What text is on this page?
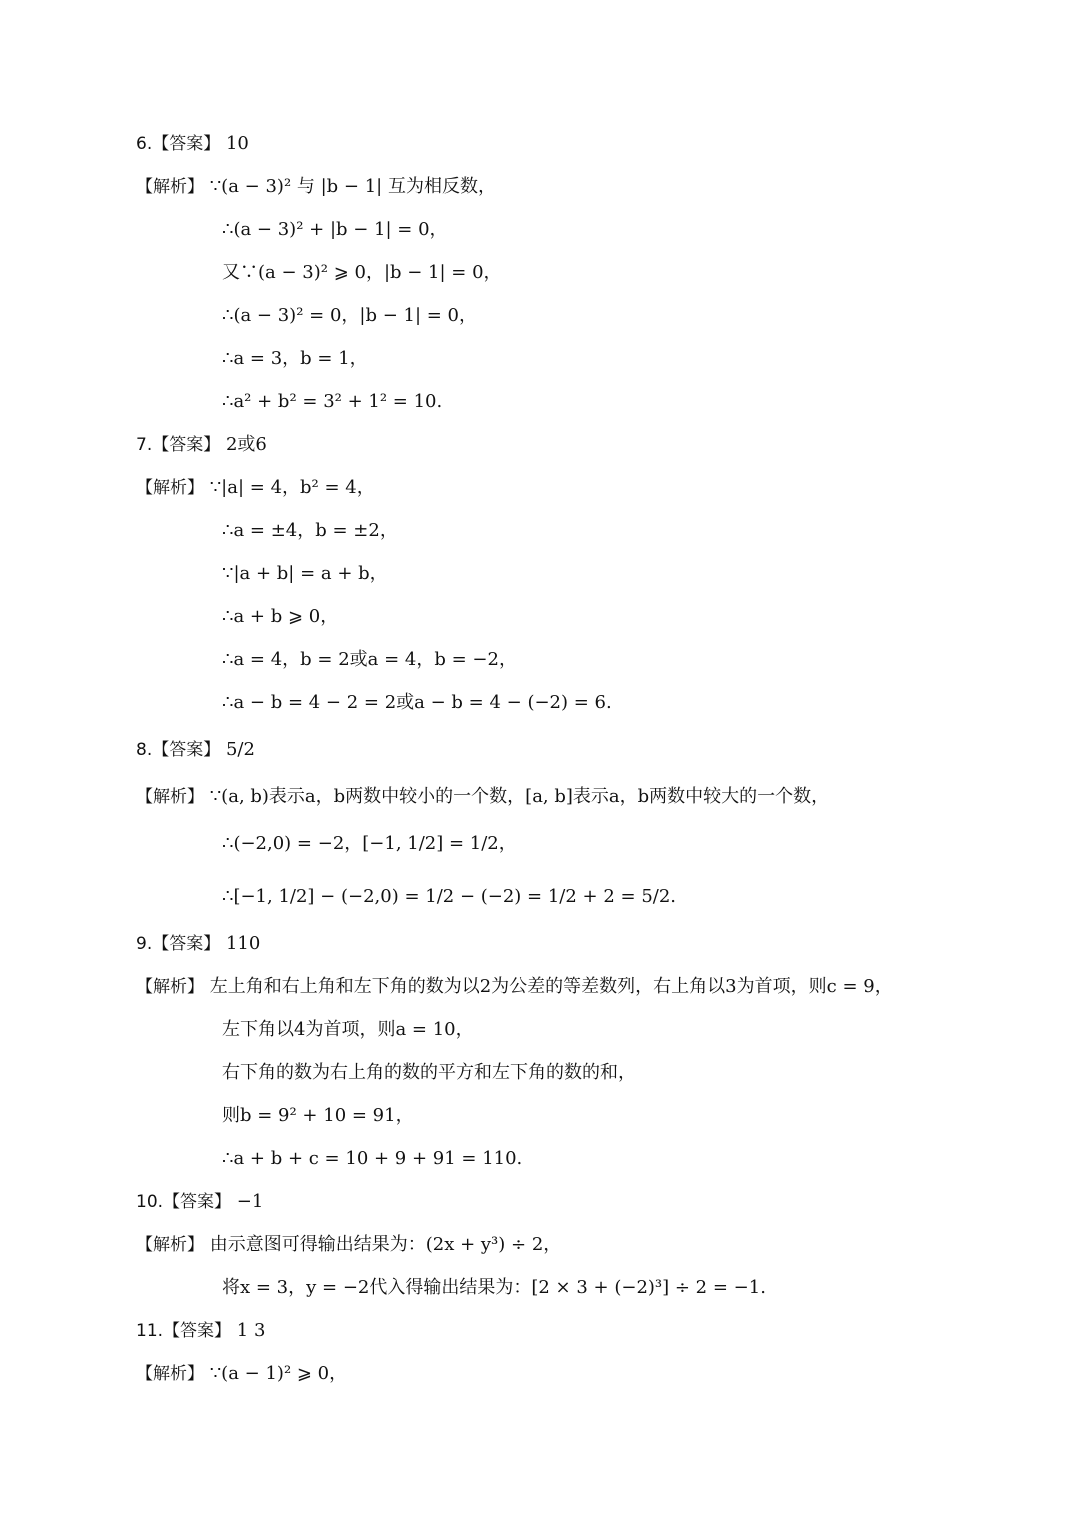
6.【答案】 10
【解析】 ∵(a − 3)² 与 |b − 1| 互为相反数，
∴(a − 3)² + |b − 1| = 0，
又∵(a − 3)² ⩾ 0，|b − 1| = 0，
∴(a − 3)² = 0，|b − 1| = 0，
∴a = 3，b = 1，
∴a² + b² = 3² + 1² = 10.
7.【答案】 2或6
【解析】 ∵|a| = 4，b² = 4，
∴a = ±4，b = ±2，
∵|a + b| = a + b，
∴a + b ⩾ 0，
∴a = 4，b = 2或a = 4，b = −2，
∴a − b = 4 − 2 = 2或a − b = 4 − (−2) = 6.
8.【答案】 5/2
【解析】 ∵(a, b)表示a，b两数中较小的一个数，[a, b]表示a，b两数中较大的一个数，
∴(−2,0) = −2，[−1, 1/2] = 1/2，
∴[−1, 1/2] − (−2,0) = 1/2 − (−2) = 1/2 + 2 = 5/2.
9.【答案】 110
【解析】 左上角和右上角和左下角的数为以2为公差的等差数列，右上角以3为首项，则c = 9，
左下角以4为首项，则a = 10，
右下角的数为右上角的数的平方和左下角的数的和，
则b = 9² + 10 = 91，
∴a + b + c = 10 + 9 + 91 = 110.
10.【答案】 −1
【解析】 由示意图可得输出结果为：(2x + y³) ÷ 2，
将x = 3，y = −2代入得输出结果为：[2 × 3 + (−2)³] ÷ 2 = −1.
11.【答案】 1 3
【解析】 ∵(a − 1)² ⩾ 0，
